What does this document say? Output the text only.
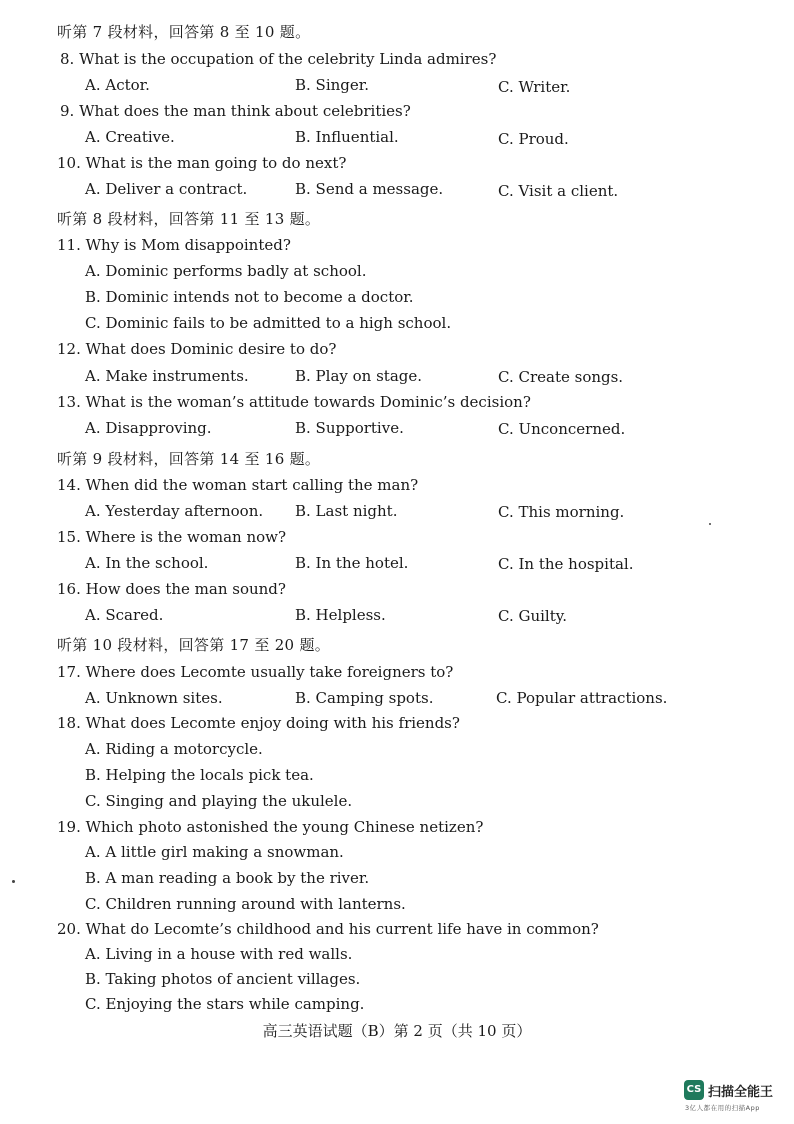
听第 7 段材料，回答第 8 至 10 题。
8. What is the occupation of the celebrity Linda admires?
A. Actor.	B. Singer.	C. Writer.
9. What does the man think about celebrities?
A. Creative.	B. Influential.	C. Proud.
10. What is the man going to do next?
A. Deliver a contract.	B. Send a message.	C. Visit a client.
听第 8 段材料，回答第 11 至 13 题。
11. Why is Mom disappointed?
A. Dominic performs badly at school.
B. Dominic intends not to become a doctor.
C. Dominic fails to be admitted to a high school.
12. What does Dominic desire to do?
A. Make instruments.	B. Play on stage.	C. Create songs.
13. What is the woman’s attitude towards Dominic’s decision?
A. Disapproving.	B. Supportive.	C. Unconcerned.
听第 9 段材料，回答第 14 至 16 题。
14. When did the woman start calling the man?
A. Yesterday afternoon. B. Last night.	C. This morning.
15. Where is the woman now?
A. In the school.	B. In the hotel.	C. In the hospital.
16. How does the man sound?
A. Scared.	B. Helpless.	C. Guilty.
听第 10 段材料，回答第 17 至 20 题。
17. Where does Lecomte usually take foreigners to?
A. Unknown sites.	B. Camping spots.	C. Popular attractions.
18. What does Lecomte enjoy doing with his friends?
A. Riding a motorcycle.
B. Helping the locals pick tea.
C. Singing and playing the ukulele.
19. Which photo astonished the young Chinese netizen?
A. A little girl making a snowman.
B. A man reading a book by the river.
C. Children running around with lanterns.
20. What do Lecomte’s childhood and his current life have in common?
A. Living in a house with red walls.
B. Taking photos of ancient villages.
C. Enjoying the stars while camping.
高三英语试题（B）第 2 页（共 10 页）
CS 扫描全能王
3亿人都在用的扫描App
